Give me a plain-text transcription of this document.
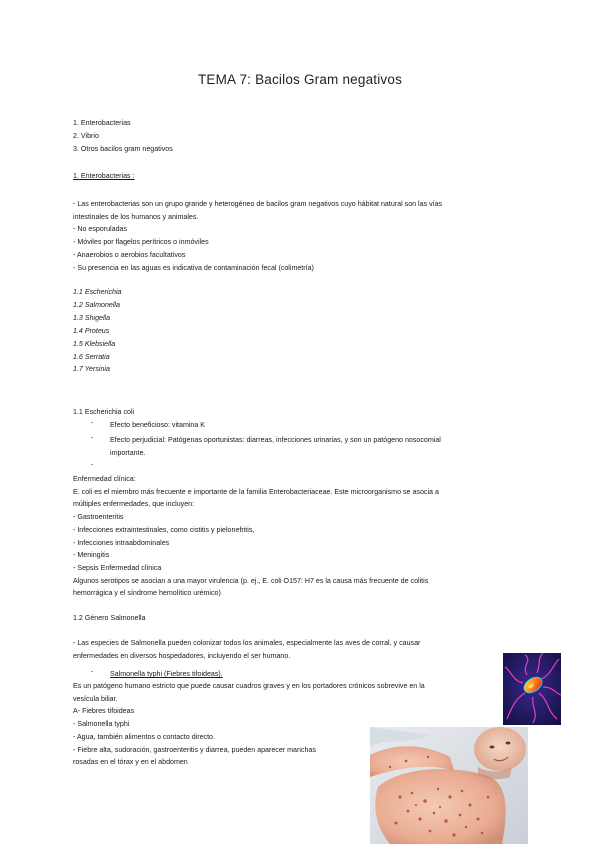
TEMA 7: Bacilos Gram negativos
1. Enterobacterias
2. Vibrio
3. Otros bacilos gram negativos
1. Enterobacterias :
- Las enterobacterias son un grupo grande y heterogéneo de bacilos gram negativos cuyo hábitat natural son las vías
intestinales de los humanos y animales.
- No esporuladas
- Móviles por flagelos perítricos o inmóviles
- Anaerobios o aerobios facultativos
- Su presencia en las aguas es indicativa de contaminación fecal (colimetría)
1.1 Escherichia
1.2 Salmonella
1.3 Shigella
1.4 Proteus
1.5 Klebsiella
1.6 Serratia
1.7 Yersinia
1.1 Escherichia coli
- Efecto beneficioso: vitamina K
- Efecto perjudicial: Patógenas oportunistas: diarreas, infecciones urinarias, y son un patógeno nosocomial
importante.
-
Enfermedad clínica:
E. coli es el miembro más frecuente e importante de la familia Enterobacteriaceae. Este microorganismo se asocia a
múltiples enfermedades, que incluyen:
- Gastroenteritis
- Infecciones extraintestinales, como cistitis y pielonefritis,
- Infecciones intraabdominales
- Meningitis
- Sepsis Enfermedad clínica
Algunos serotipos se asocian a una mayor virulencia (p. ej., E. coli O157: H7 es la causa más frecuente de colitis
hemorrágica y el síndrome hemolítico urémico)
1.2 Género Salmonella
- Las especies de Salmonella pueden colonizar todos los animales, especialmente las aves de corral, y causar
enfermedades en diversos hospedadores, incluyendo el ser humano.
- Salmonella typhi (Fiebres tifoideas).
Es un patógeno humano estricto que puede causar cuadros graves y en los portadores crónicos sobrevive en la
vesícula biliar.
A- Fiebres tifoideas
- Salmonella typhi
- Agua, también alimentos o contacto directo.
- Fiebre alta, sudoración, gastroenteritis y diarrea, pueden aparecer manchas
rosadas en el tórax y en el abdomen
